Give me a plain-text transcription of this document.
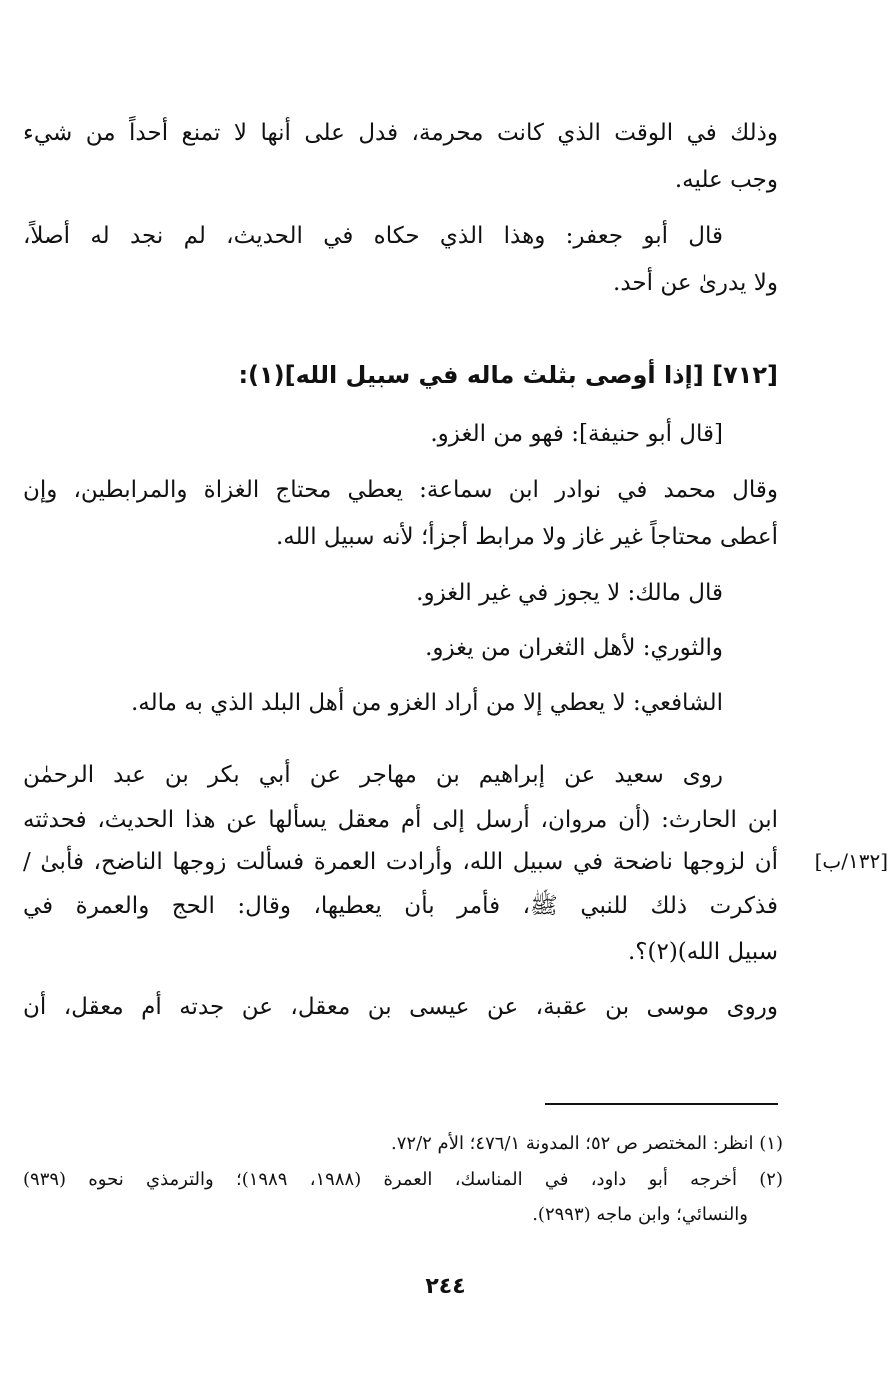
وذلك في الوقت الذي كانت محرمة، فدل على أنها لا تمنع أحداً من شيء
وجب عليه.
قال أبو جعفر: وهذا الذي حكاه في الحديث، لم نجد له أصلاً،
ولا يدرىٰ عن أحد.
[٧١٢] [إذا أوصى بثلث ماله في سبيل الله](١):
[قال أبو حنيفة]: فهو من الغزو.
وقال محمد في نوادر ابن سماعة: يعطي محتاج الغزاة والمرابطين، وإن
أعطى محتاجاً غير غاز ولا مرابط أجزأ؛ لأنه سبيل الله.
قال مالك: لا يجوز في غير الغزو.
والثوري: لأهل الثغران من يغزو.
الشافعي: لا يعطي إلا من أراد الغزو من أهل البلد الذي به ماله.
روى سعيد عن إبراهيم بن مهاجر عن أبي بكر بن عبد الرحمٰن
ابن الحارث: (أن مروان، أرسل إلى أم معقل يسألها عن هذا الحديث، فحدثته
أن لزوجها ناضحة في سبيل الله، وأرادت العمرة فسألت زوجها الناضح، فأبىٰ /
فذكرت ذلك للنبي ﷺ، فأمر بأن يعطيها، وقال: الحج والعمرة في
سبيل الله)(٢)؟.
[١٣٢/ب]
وروى موسى بن عقبة، عن عيسى بن معقل، عن جدته أم معقل، أن
(١) انظر: المختصر ص ٥٢؛ المدونة ٤٧٦/١؛ الأم ٧٢/٢.
(٢) أخرجه أبو داود، في المناسك، العمرة (١٩٨٨، ١٩٨٩)؛ والترمذي نحوه (٩٣٩)
والنسائي؛ وابن ماجه (٢٩٩٣).
٢٤٤
